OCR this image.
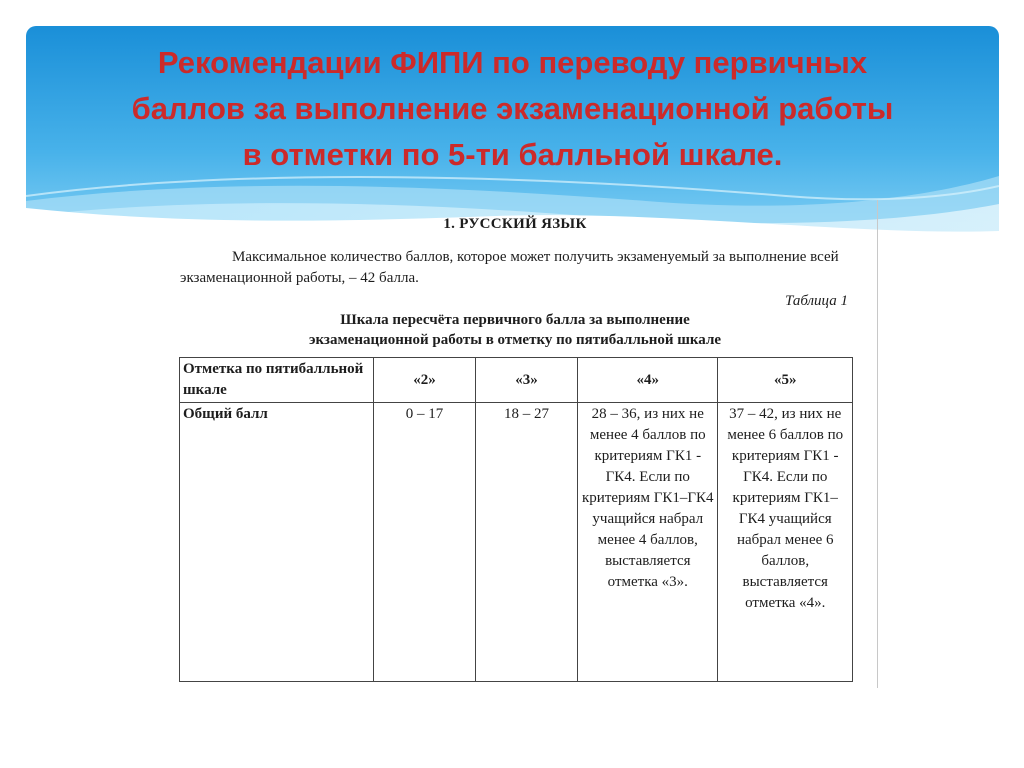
Рекомендации ФИПИ по переводу первичных
баллов за выполнение экзаменационной работы
в отметки по 5-ти балльной шкале.
1. РУССКИЙ ЯЗЫК
Максимальное количество баллов, которое может получить экзаменуемый за выполнение всей экзаменационной работы, – 42 балла.
Таблица 1
Шкала пересчёта первичного балла за выполнение
экзаменационной работы в отметку по пятибалльной шкале
Отметка по пятибалльной шкале	«2»	«3»	«4»	«5»
Общий балл	0 – 17	18 – 27	28 – 36, из них не менее 4 баллов по критериям ГК1 - ГК4. Если по критериям ГК1–ГК4 учащийся набрал менее 4 баллов, выставляется отметка «3».	37 – 42, из них не менее 6 баллов по критериям ГК1 - ГК4. Если по критериям ГК1–ГК4 учащийся набрал менее 6 баллов, выставляется отметка «4».
